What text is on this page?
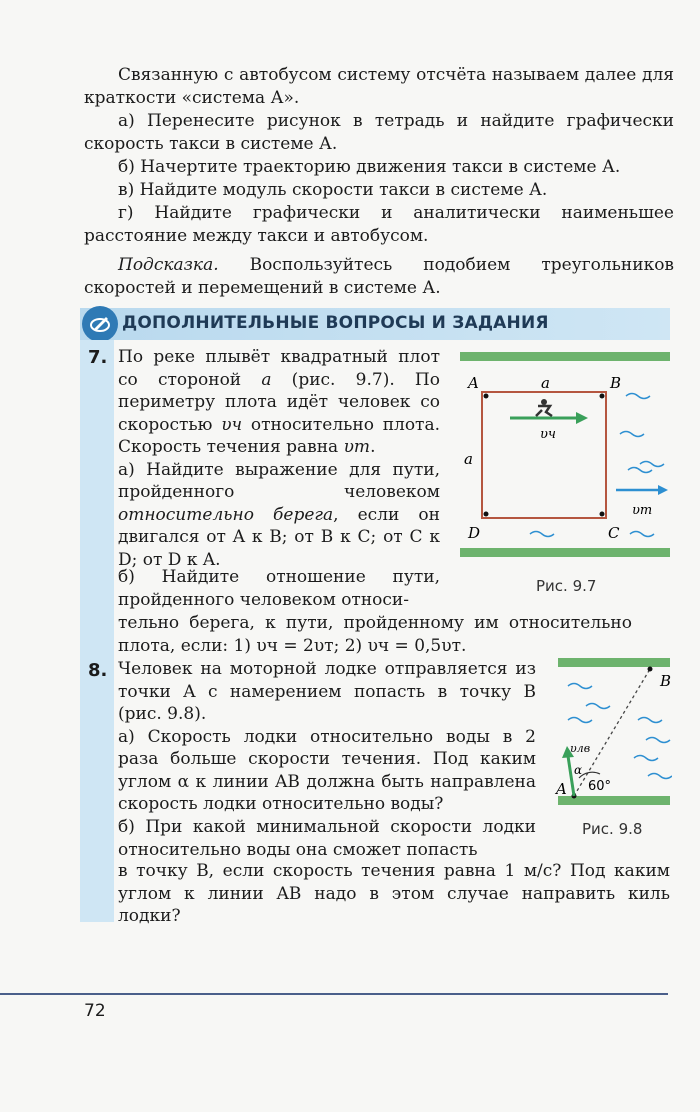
Связанную с автобусом систему отсчёта называем далее для краткости «система А».

а) Перенесите рисунок в тетрадь и найдите графически скорость такси в системе А.

б) Начертите траекторию движения такси в системе А.

в) Найдите модуль скорости такси в системе А.

г) Найдите графически и аналитически наименьшее расстояние между такси и автобусом.

Подсказка. Воспользуйтесь подобием треугольников скоростей и перемещений в системе А.

ДОПОЛНИТЕЛЬНЫЕ ВОПРОСЫ И ЗАДАНИЯ
7. По реке плывёт квадратный плот со стороной a (рис. 9.7). По периметру плота идёт человек со скоростью υч относительно плота. Скорость течения равна υт.

а) Найдите выражение для пути, пройденного человеком относительно берега, если он двигался от A к B; от B к C; от C к D; от D к A.

б) Найдите отношение пути, пройденного человеком относи-
тельно берега, к пути, пройденному им относительно плота, если: 1) υч = 2υт; 2) υч = 0,5υт.
A	B
C
D
a
a
υч
υт
Рис. 9.7
8. Человек на моторной лодке отправляется из точки A с намерением попасть в точку B (рис. 9.8).

а) Скорость лодки относительно воды в 2 раза больше скорости течения. Под каким углом α к линии AB должна быть направлена скорость лодки относительно воды?

б) При какой минимальной скорости лодки относительно воды она сможет попасть
в точку B, если скорость течения равна 1 м/с? Под каким углом к линии AB надо в этом случае направить киль лодки?
B
A
υлв
α
60°
Рис. 9.8
72
